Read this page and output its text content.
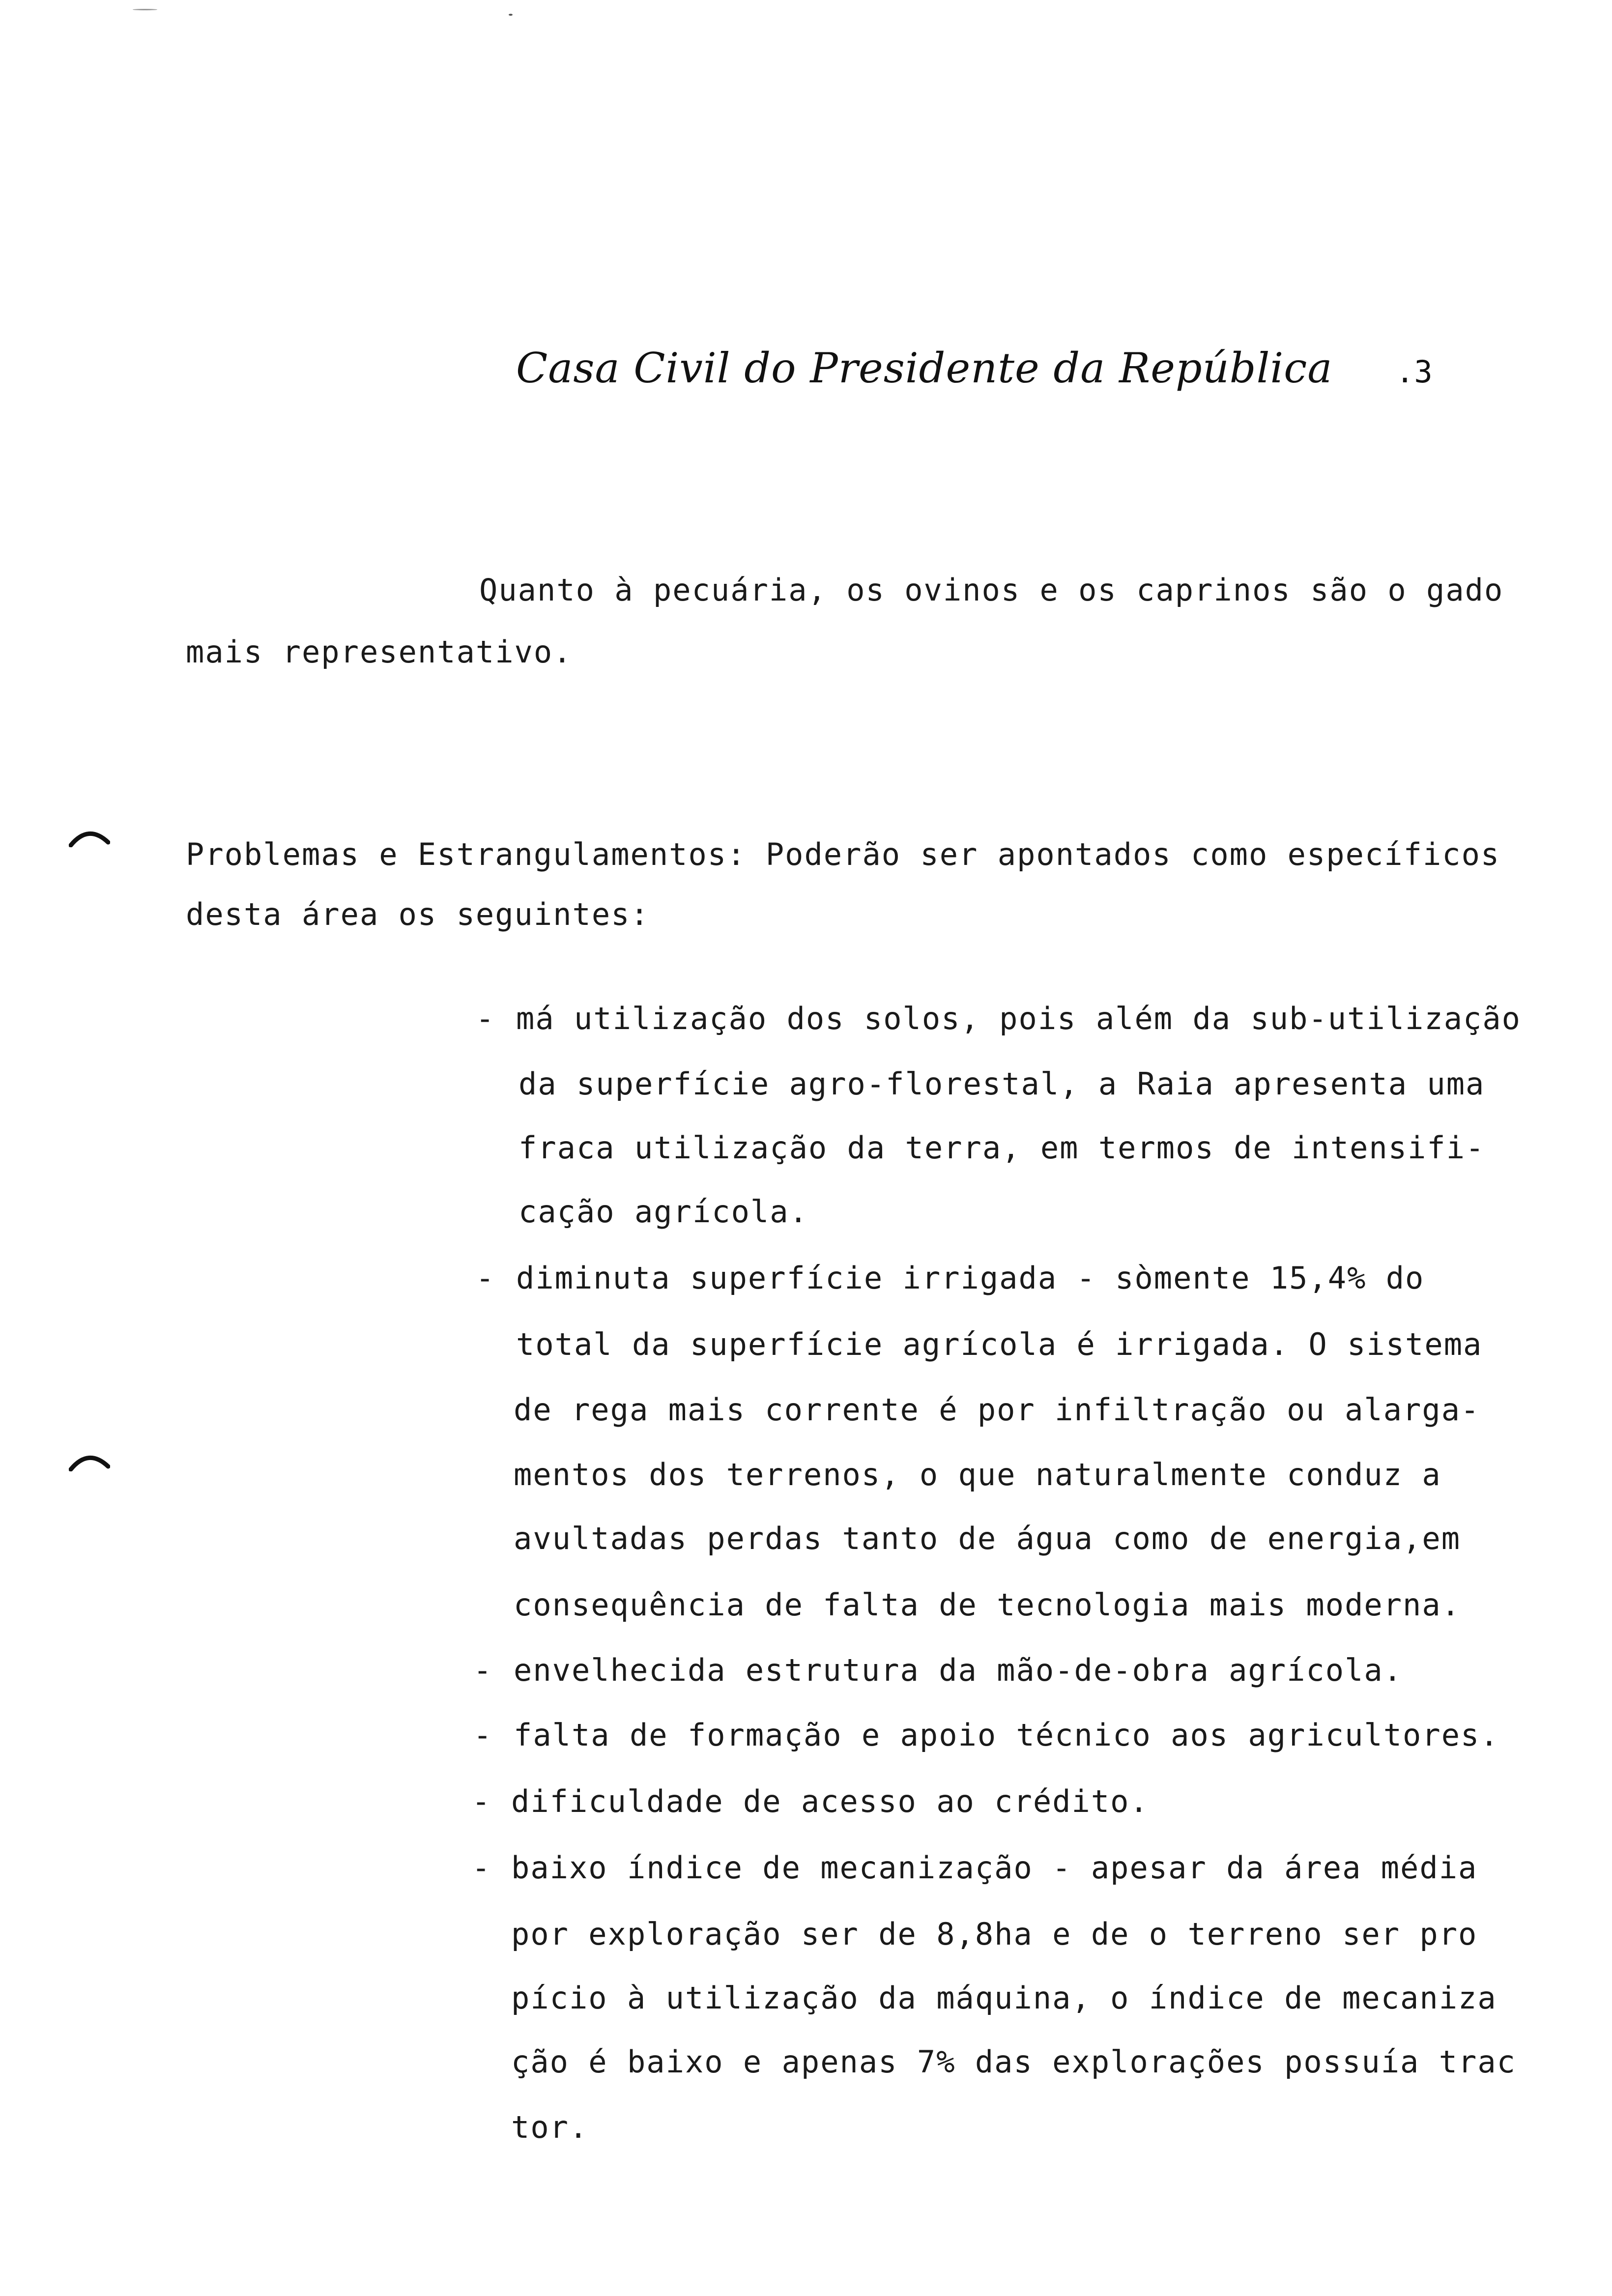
Casa Civil do Presidente da República .3
Quanto à pecuária, os ovinos e os caprinos são o gado
mais representativo.
Problemas e Estrangulamentos: Poderão ser apontados como específicos
desta área os seguintes:
- má utilização dos solos, pois além da sub-utilização
da superfície agro-florestal, a Raia apresenta uma
fraca utilização da terra, em termos de intensifi-
cação agrícola.
- diminuta superfície irrigada - sòmente 15,4% do
total da superfície agrícola é irrigada. O sistema
de rega mais corrente é por infiltração ou alarga-
mentos dos terrenos, o que naturalmente conduz a
avultadas perdas tanto de água como de energia,em
consequência de falta de tecnologia mais moderna.
- envelhecida estrutura da mão-de-obra agrícola.
- falta de formação e apoio técnico aos agricultores.
- dificuldade de acesso ao crédito.
- baixo índice de mecanização - apesar da área média
por exploração ser de 8,8ha e de o terreno ser pro
pício à utilização da máquina, o índice de mecaniza
ção é baixo e apenas 7% das explorações possuía trac
tor.
